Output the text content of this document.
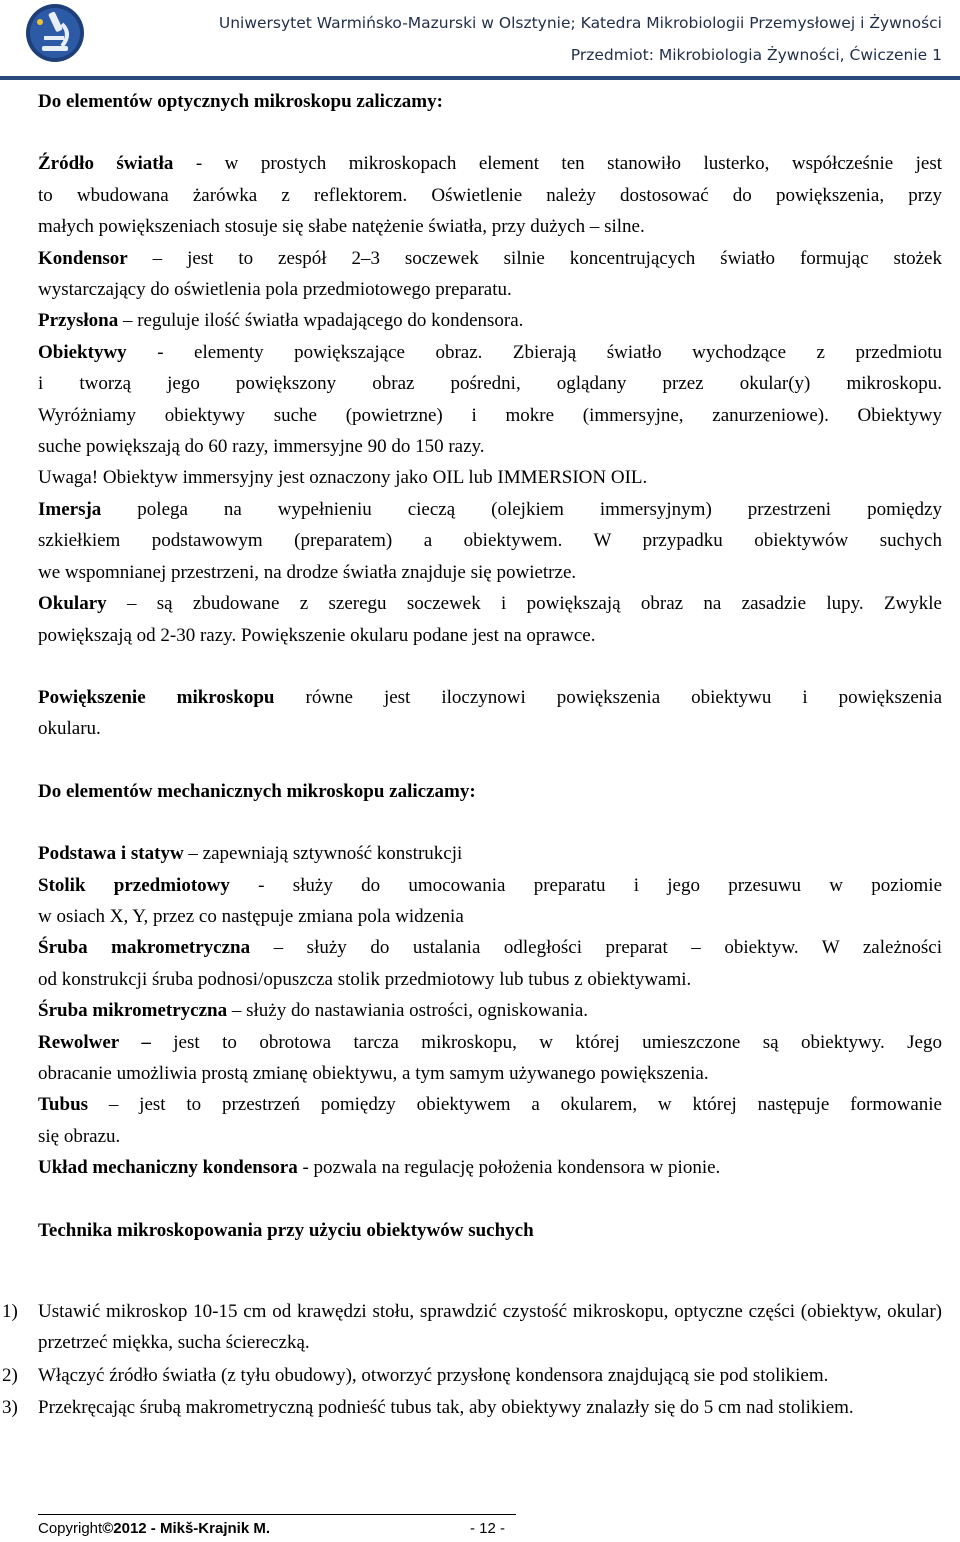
Uniwersytet Warmińsko-Mazurski w Olsztynie; Katedra Mikrobiologii Przemysłowej i Żywności
Przedmiot: Mikrobiologia Żywności, Ćwiczenie 1
Do elementów optycznych mikroskopu zaliczamy:
Źródło światła - w prostych mikroskopach element ten stanowiło lusterko, współcześnie jest
to wbudowana żarówka z reflektorem. Oświetlenie należy dostosować do powiększenia, przy
małych powiększeniach stosuje się słabe natężenie światła, przy dużych – silne.
Kondensor – jest to zespół 2–3 soczewek silnie koncentrujących światło formując stożek
wystarczający do oświetlenia pola przedmiotowego preparatu.
Przysłona – reguluje ilość światła wpadającego do kondensora.
Obiektywy - elementy powiększające obraz. Zbierają światło wychodzące z przedmiotu
i tworzą jego powiększony obraz pośredni, oglądany przez okular(y) mikroskopu.
Wyróżniamy obiektywy suche (powietrzne) i mokre (immersyjne, zanurzeniowe). Obiektywy
suche powiększają do 60 razy, immersyjne 90 do 150 razy.
Uwaga! Obiektyw immersyjny jest oznaczony jako OIL lub IMMERSION OIL.
Imersja polega na wypełnieniu cieczą (olejkiem immersyjnym) przestrzeni pomiędzy
szkiełkiem podstawowym (preparatem) a obiektywem. W przypadku obiektywów suchych
we wspomnianej przestrzeni, na drodze światła znajduje się powietrze.
Okulary – są zbudowane z szeregu soczewek i powiększają obraz na zasadzie lupy. Zwykle
powiększają od 2-30 razy. Powiększenie okularu podane jest na oprawce.
Powiększenie mikroskopu równe jest iloczynowi powiększenia obiektywu i powiększenia
okularu.
Do elementów mechanicznych mikroskopu zaliczamy:
Podstawa i statyw – zapewniają sztywność konstrukcji
Stolik przedmiotowy - służy do umocowania preparatu i jego przesuwu w poziomie
w osiach X, Y, przez co następuje zmiana pola widzenia
Śruba makrometryczna – służy do ustalania odległości preparat – obiektyw. W zależności
od konstrukcji śruba podnosi/opuszcza stolik przedmiotowy lub tubus z obiektywami.
Śruba mikrometryczna – służy do nastawiania ostrości, ogniskowania.
Rewolwer – jest to obrotowa tarcza mikroskopu, w której umieszczone są obiektywy. Jego
obracanie umożliwia prostą zmianę obiektywu, a tym samym używanego powiększenia.
Tubus – jest to przestrzeń pomiędzy obiektywem a okularem, w której następuje formowanie
się obrazu.
Układ mechaniczny kondensora - pozwala na regulację położenia kondensora w pionie.
Technika mikroskopowania przy użyciu obiektywów suchych
1) Ustawić mikroskop 10-15 cm od krawędzi stołu, sprawdzić czystość mikroskopu, optyczne części (obiektyw, okular) przetrzeć miękka, sucha ściereczką.
2) Włączyć źródło światła (z tyłu obudowy), otworzyć przysłonę kondensora znajdującą sie pod stolikiem.
3) Przekręcając śrubą makrometryczną podnieść tubus tak, aby obiektywy znalazły się do 5 cm nad stolikiem.
Copyright©2012 - Mikš-Krajnik M.	- 12 -
